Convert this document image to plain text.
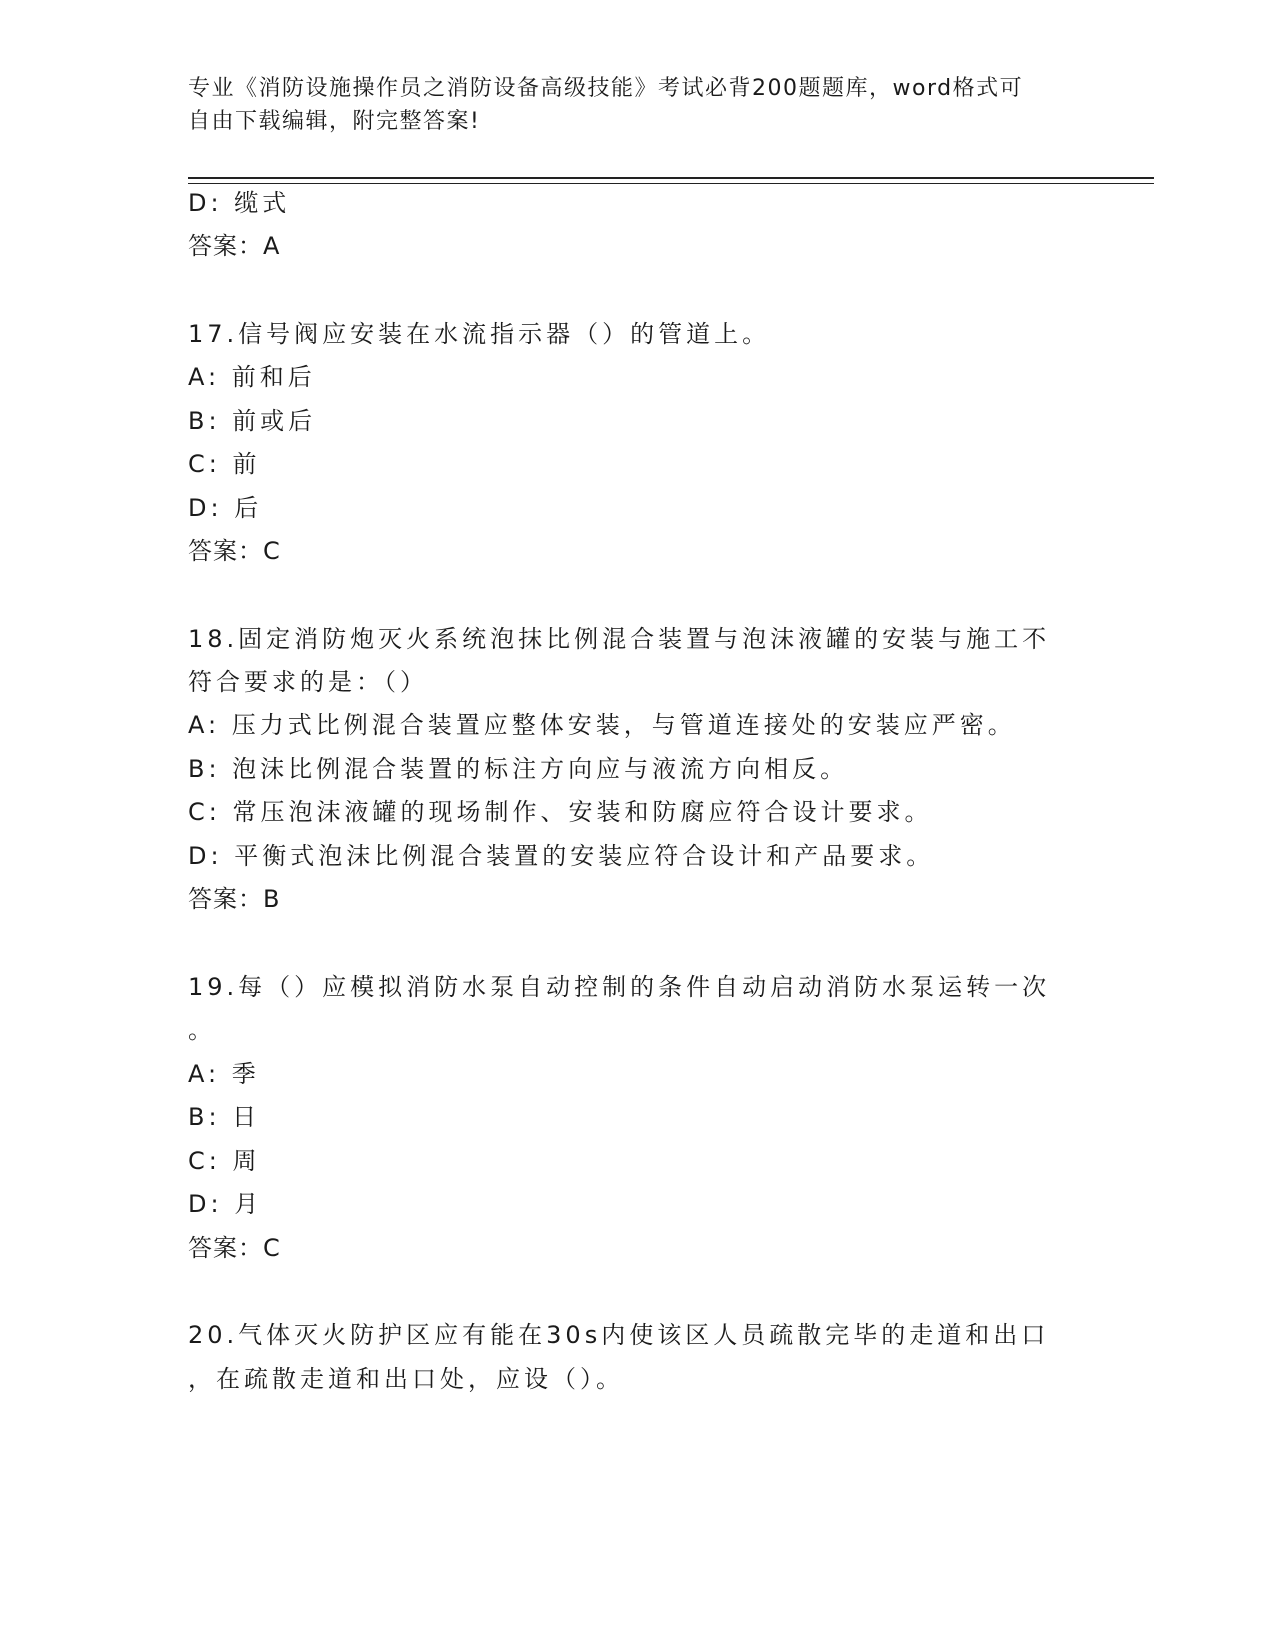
专业《消防设施操作员之消防设备高级技能》考试必背200题题库，word格式可
自由下载编辑，附完整答案!
D: 缆式
答案：A
17.信号阀应安装在水流指示器（）的管道上。
A: 前和后
B: 前或后
C: 前
D: 后
答案：C
18.固定消防炮灭火系统泡抹比例混合装置与泡沫液罐的安装与施工不
符合要求的是：（）
A: 压力式比例混合装置应整体安装，与管道连接处的安装应严密。
B: 泡沫比例混合装置的标注方向应与液流方向相反。
C: 常压泡沫液罐的现场制作、安装和防腐应符合设计要求。
D: 平衡式泡沫比例混合装置的安装应符合设计和产品要求。
答案：B
19.每（）应模拟消防水泵自动控制的条件自动启动消防水泵运转一次
。
A: 季
B: 日
C: 周
D: 月
答案：C
20.气体灭火防护区应有能在30s内使该区人员疏散完毕的走道和出口
，在疏散走道和出口处，应设（）。
